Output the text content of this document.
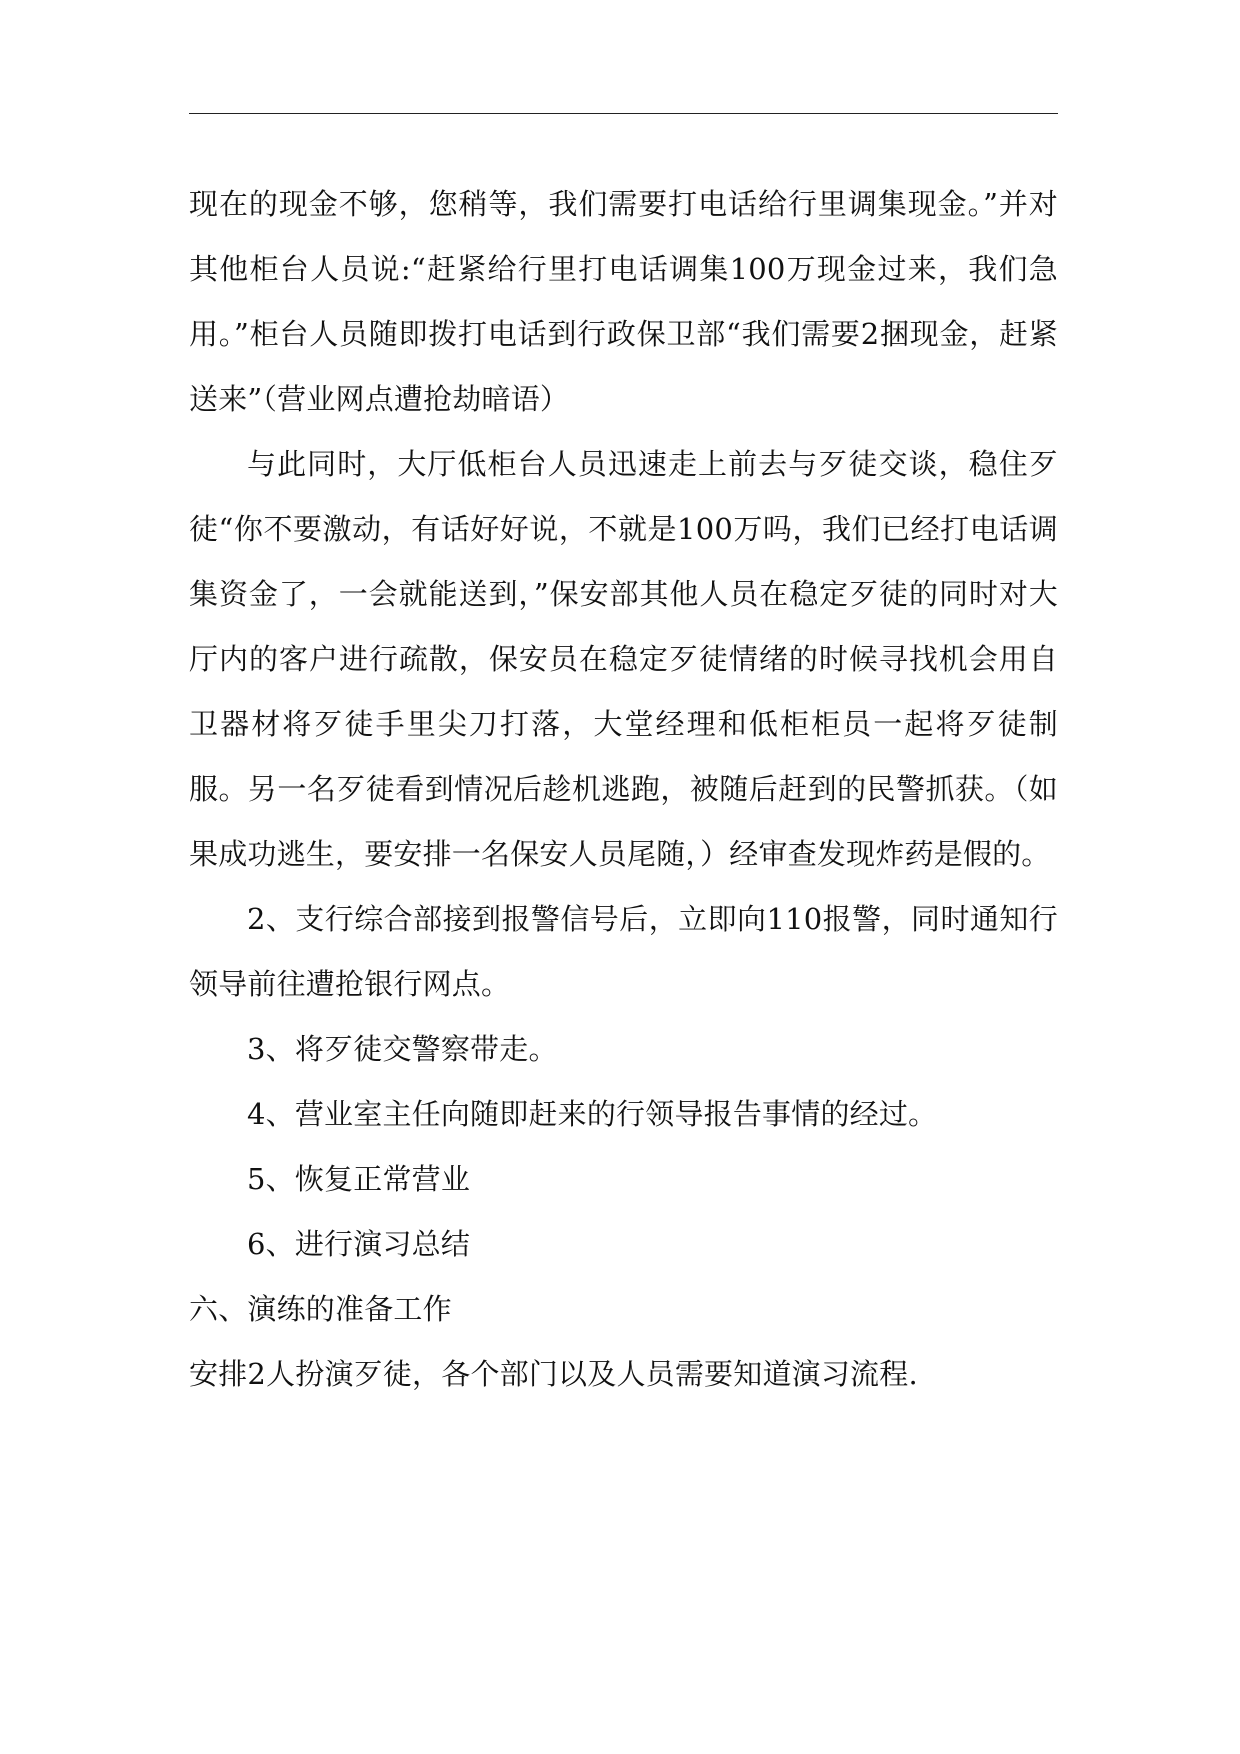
现在的现金不够，您稍等，我们需要打电话给行里调集现金。”并对其他柜台人员说:“赶紧给行里打电话调集100万现金过来，我们急用。”柜台人员随即拨打电话到行政保卫部“我们需要2捆现金，赶紧送来”（营业网点遭抢劫暗语）

与此同时，大厅低柜台人员迅速走上前去与歹徒交谈，稳住歹徒“你不要激动，有话好好说，不就是100万吗，我们已经打电话调集资金了，一会就能送到，”保安部其他人员在稳定歹徒的同时对大厅内的客户进行疏散，保安员在稳定歹徒情绪的时候寻找机会用自卫器材将歹徒手里尖刀打落，大堂经理和低柜柜员一起将歹徒制服。另一名歹徒看到情况后趁机逃跑，被随后赶到的民警抓获。（如果成功逃生，要安排一名保安人员尾随，）经审查发现炸药是假的。

2、支行综合部接到报警信号后，立即向110报警，同时通知行领导前往遭抢银行网点。

3、将歹徒交警察带走。

4、营业室主任向随即赶来的行领导报告事情的经过。

5、恢复正常营业

6、进行演习总结

六、演练的准备工作

安排2人扮演歹徒，各个部门以及人员需要知道演习流程.
